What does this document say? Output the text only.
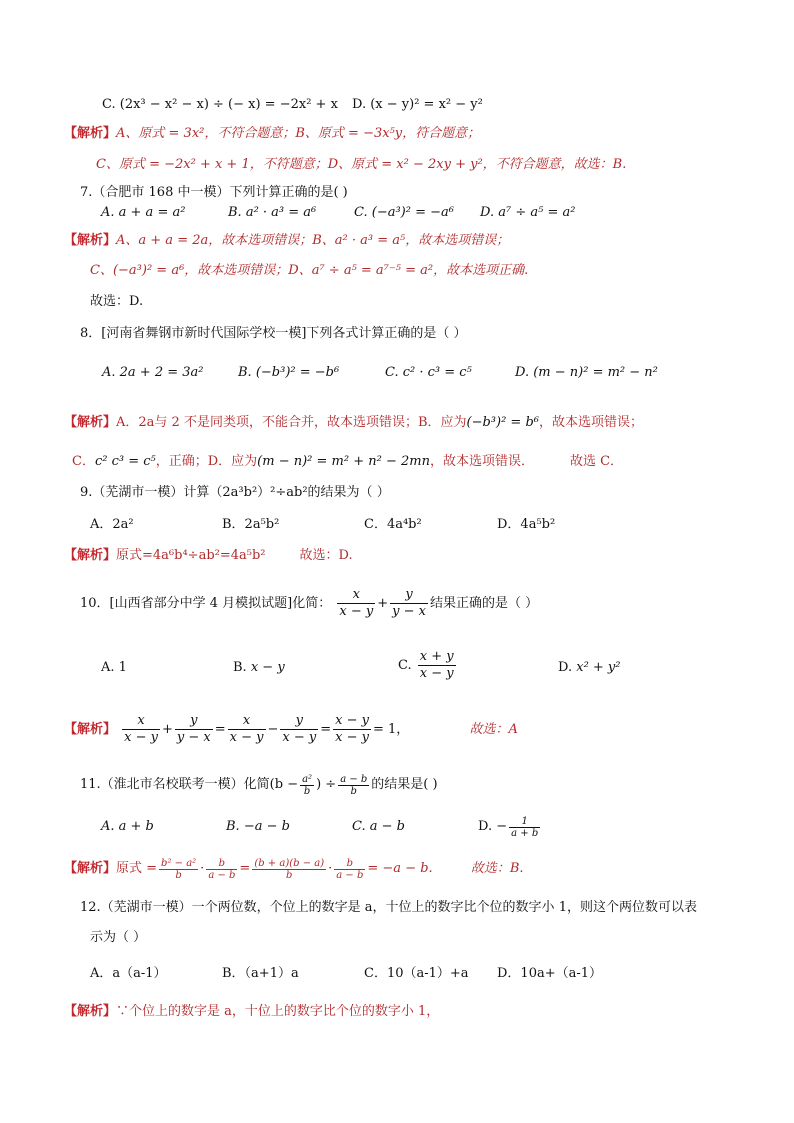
C. (2x³ − x² − x) ÷ (− x) = −2x² + x D. (x − y)² = x² − y²
【解析】A、原式 = 3x²，不符合题意；B、原式 = −3x⁵y，符合题意；
C、原式 = −2x² + x + 1，不符题意；D、原式 = x² − 2xy + y²，不符合题意，故选：B.
7.（合肥市 168 中一模）下列计算正确的是( )
A. a + a = a²	B. a² · a³ = a⁶	C. (−a³)² = −a⁶ D. a⁷ ÷ a⁵ = a²
【解析】A、a + a = 2a，故本选项错误；B、a² · a³ = a⁵，故本选项错误；
C、(−a³)² = a⁶，故本选项错误；D、a⁷ ÷ a⁵ = a⁷⁻⁵ = a²，故本选项正确.
故选：D.
8．[河南省舞钢市新时代国际学校一模]下列各式计算正确的是（ ）
A. 2a + 2 = 3a²	B. (−b³)² = −b⁶	C. c² · c³ = c⁵	D. (m − n)² = m² − n²
【解析】A．2a与 2 不是同类项，不能合并，故本选项错误；B．应为(−b³)² = b⁶，故本选项错误；
C．c² c³ = c⁵，正确；D．应为(m − n)² = m² + n² − 2mn，故本选项错误．	故选 C．
9.（芜湖市一模）计算（2a³b²）²÷ab²的结果为（ ）
A．2a²	B．2a⁵b²	C．4a⁴b²	D．4a⁵b²
【解析】原式=4a⁶b⁴÷ab²=4a⁵b²	故选：D.
10．[山西省部分中学 4 月模拟试题]化简： $\frac{x}{x - y} + \frac{y}{y - x}$ 结果正确的是（ ）
A. 1	B. x − y	C. $\frac{x + y}{x - y}$	D. x² + y²
【解析】 $\frac{x}{x - y} + \frac{y}{y - x} = \frac{x}{x - y} - \frac{y}{x - y} = \frac{x - y}{x - y} = 1$，	故选：A
11.（淮北市名校联考一模）化简($b - \frac{\text{a²}}{b}$ ) ÷ $\frac{a - b}{b}$ 的结果是( )
A. a + b	B. −a − b	C. a − b	D. − $\frac{1}{a + b}$
【解析】原式 = $\frac{\text{b² − a²}}{b} \cdot \frac{b}{a - b} = \frac{(b + a)(b - a)}{b} \cdot \frac{b}{a - b} = -a - b$.	故选：B.
12.（芜湖市一模）一个两位数，个位上的数字是 a，十位上的数字比个位的数字小 1，则这个两位数可以表
示为（ ）
A．a（a-1）	B．（a+1）a	C．10（a-1）+a D．10a+（a-1）
【解析】∵个位上的数字是 a，十位上的数字比个位的数字小 1，
